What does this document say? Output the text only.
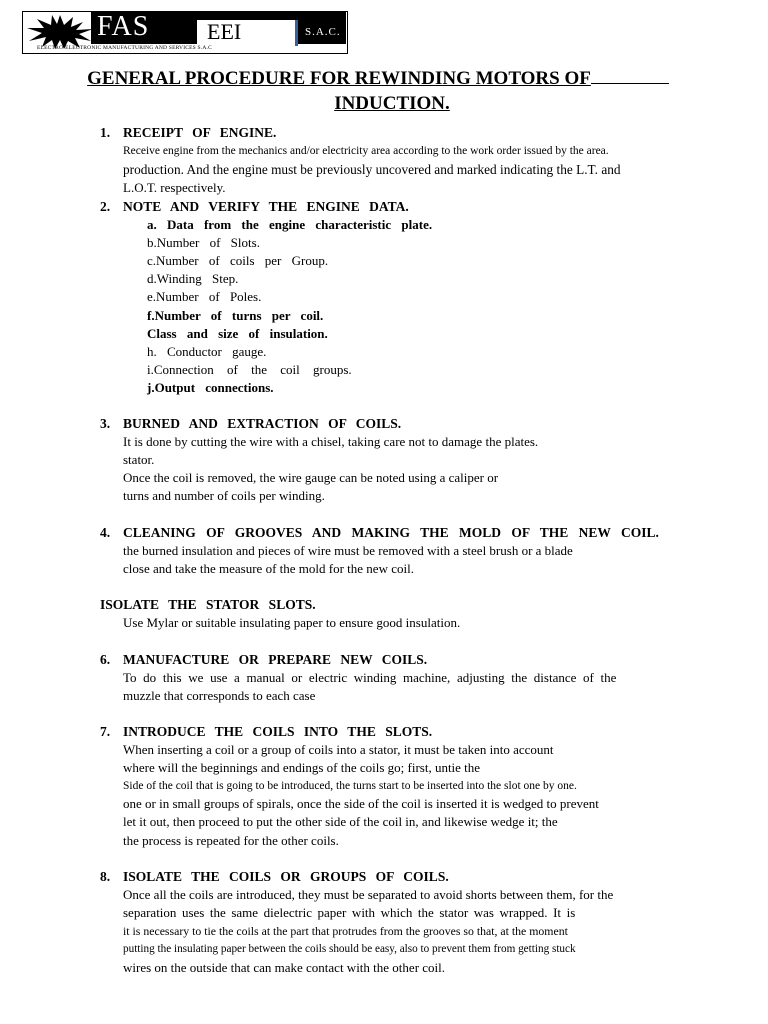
FAS	EEI	S.A.C.
ELECTRO-ELECTRONIC MANUFACTURING AND SERVICES S.A.C
GENERAL PROCEDURE FOR REWINDING MOTORS OF
INDUCTION.
1. RECEIPT OF ENGINE.
Receive engine from the mechanics and/or electricity area according to the work order issued by the area.
production. And the engine must be previously uncovered and marked indicating the L.T. and
L.O.T. respectively.
2. NOTE AND VERIFY THE ENGINE DATA.
a. Data from the engine characteristic plate.
b.Number of Slots.
c.Number of coils per Group.
d.Winding Step.
e.Number of Poles.
f.Number of turns per coil.
Class and size of insulation.
h. Conductor gauge.
i.Connection of the coil groups.
j.Output connections.
3. BURNED AND EXTRACTION OF COILS.
It is done by cutting the wire with a chisel, taking care not to damage the plates.
stator.
Once the coil is removed, the wire gauge can be noted using a caliper or
turns and number of coils per winding.
4. CLEANING OF GROOVES AND MAKING THE MOLD OF THE NEW COIL.
the burned insulation and pieces of wire must be removed with a steel brush or a blade
close and take the measure of the mold for the new coil.
ISOLATE THE STATOR SLOTS.
Use Mylar or suitable insulating paper to ensure good insulation.
6. MANUFACTURE OR PREPARE NEW COILS.
To do this we use a manual or electric winding machine, adjusting the distance of the
muzzle that corresponds to each case
7. INTRODUCE THE COILS INTO THE SLOTS.
When inserting a coil or a group of coils into a stator, it must be taken into account
where will the beginnings and endings of the coils go; first, untie the
Side of the coil that is going to be introduced, the turns start to be inserted into the slot one by one.
one or in small groups of spirals, once the side of the coil is inserted it is wedged to prevent
let it out, then proceed to put the other side of the coil in, and likewise wedge it; the
the process is repeated for the other coils.
8. ISOLATE THE COILS OR GROUPS OF COILS.
Once all the coils are introduced, they must be separated to avoid shorts between them, for the
separation uses the same dielectric paper with which the stator was wrapped. It is
it is necessary to tie the coils at the part that protrudes from the grooves so that, at the moment
putting the insulating paper between the coils should be easy, also to prevent them from getting stuck
wires on the outside that can make contact with the other coil.
